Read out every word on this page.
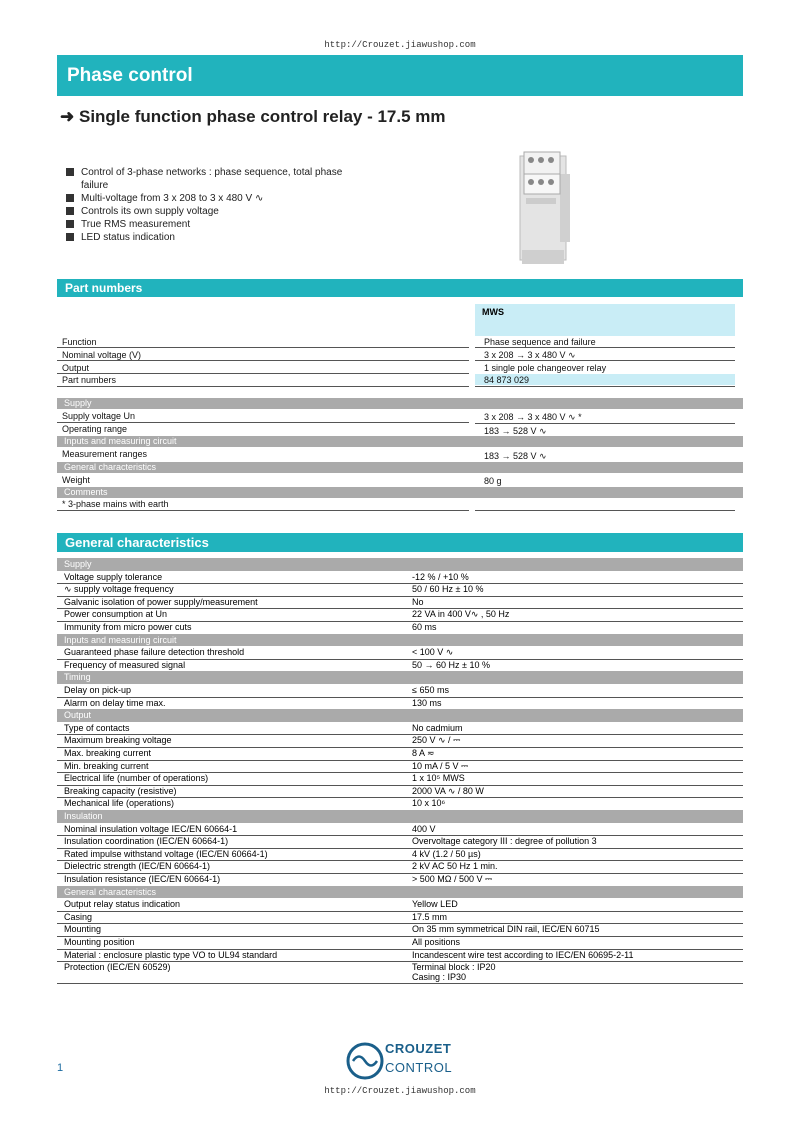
http://Crouzet.jiawushop.com
Phase control
➜ Single function phase control relay - 17.5 mm
Control of 3-phase networks : phase sequence, total phase failure
Multi-voltage from 3 x 208 to 3 x 480 V ∿
Controls its own supply voltage
True RMS measurement
LED status indication
Part numbers
MWS
Function	Phase sequence and failure
Nominal voltage (V)	3 x 208 → 3 x 480 V ∿
Output	1 single pole changeover relay
Part numbers	84 873 029
Supply
Supply voltage Un	3 x 208 → 3 x 480 V ∿ *
Operating range	183 → 528 V ∿
Inputs and measuring circuit
Measurement ranges	183 → 528 V ∿
General characteristics
Weight	80 g
Comments
* 3-phase mains with earth
General characteristics
Supply
Voltage supply tolerance	-12 % / +10 %
∿ supply voltage frequency	50 / 60 Hz ± 10 %
Galvanic isolation of power supply/measurement	No
Power consumption at Un	22 VA in 400 V∿ , 50 Hz
Immunity from micro power cuts	60 ms
Inputs and measuring circuit
Guaranteed phase failure detection threshold	< 100 V ∿
Frequency of measured signal	50 → 60 Hz ± 10 %
Timing
Delay on pick-up	≤ 650 ms
Alarm on delay time max.	130 ms
Output
Type of contacts	No cadmium
Maximum breaking voltage	250 V ∿ / ⎓
Max. breaking current	8 A ≂
Min. breaking current	10 mA / 5 V ⎓
Electrical life (number of operations)	1 x 10⁵ MWS
Breaking capacity (resistive)	2000 VA ∿ / 80 W
Mechanical life (operations)	10 x 10⁶
Insulation
Nominal insulation voltage IEC/EN 60664-1	400 V
Insulation coordination (IEC/EN 60664-1)	Overvoltage category III : degree of pollution 3
Rated impulse withstand voltage (IEC/EN 60664-1)	4 kV (1.2 / 50 µs)
Dielectric strength (IEC/EN 60664-1)	2 kV AC 50 Hz 1 min.
Insulation resistance (IEC/EN 60664-1)	> 500 MΩ / 500 V ⎓
General characteristics
Output relay status indication	Yellow LED
Casing	17.5 mm
Mounting	On 35 mm symmetrical DIN rail, IEC/EN 60715
Mounting position	All positions
Material : enclosure plastic type VO to UL94 standard	Incandescent wire test according to IEC/EN 60695-2-11
Protection (IEC/EN 60529)	Terminal block : IP20
Casing : IP30
CROUZET
CONTROL
1
http://Crouzet.jiawushop.com
